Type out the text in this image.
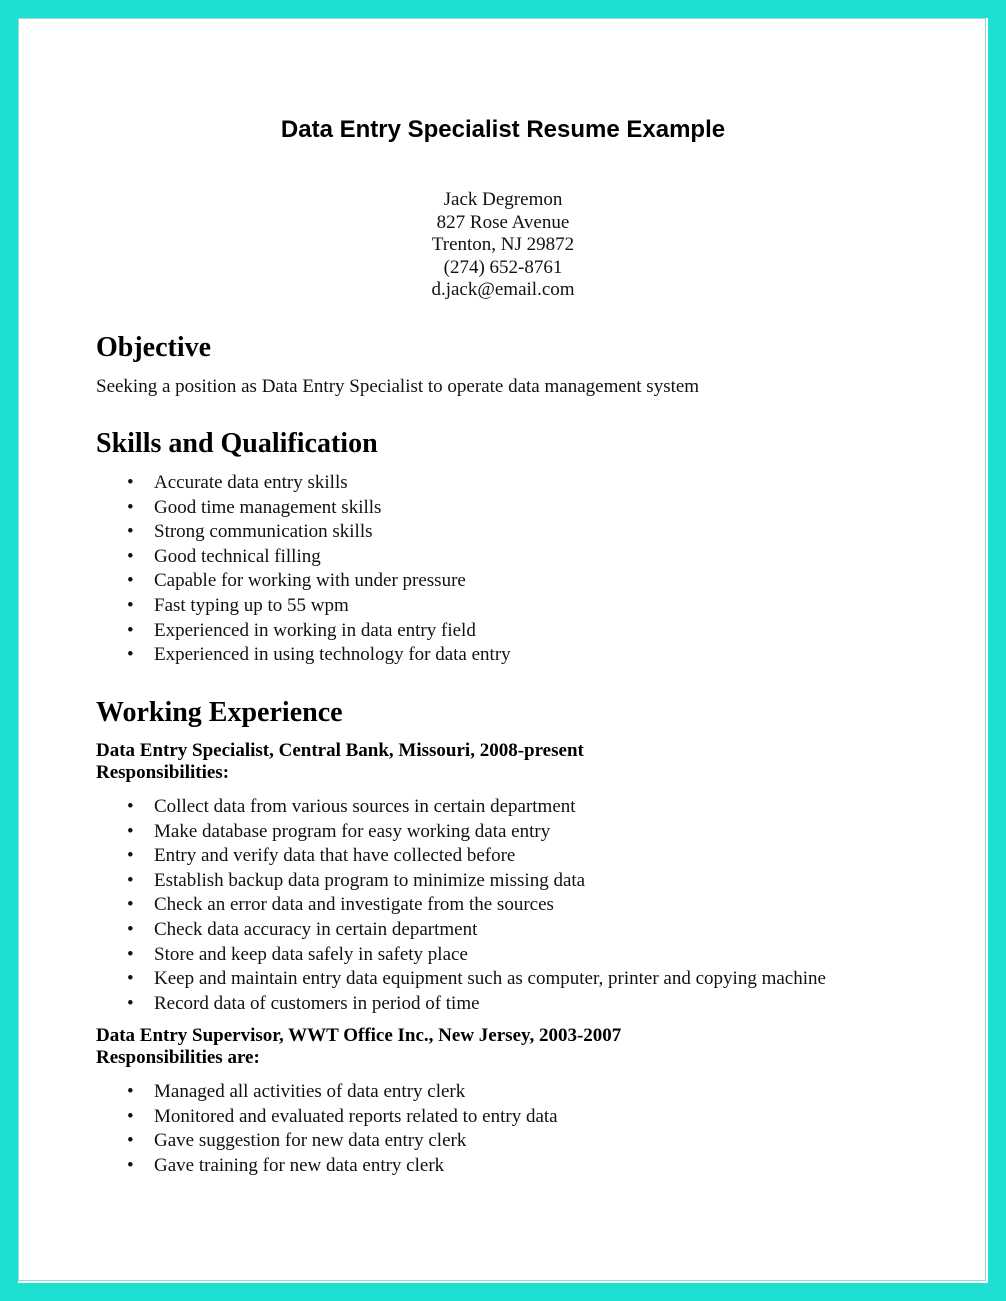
Data Entry Specialist Resume Example
Jack Degremon
827 Rose Avenue
Trenton, NJ 29872
(274) 652-8761
d.jack@email.com
Objective
Seeking a position as Data Entry Specialist to operate data management system
Skills and Qualification
• Accurate data entry skills
• Good time management skills
• Strong communication skills
• Good technical filling
• Capable for working with under pressure
• Fast typing up to 55 wpm
• Experienced in working in data entry field
• Experienced in using technology for data entry
Working Experience
Data Entry Specialist, Central Bank, Missouri, 2008-present
Responsibilities:
• Collect data from various sources in certain department
• Make database program for easy working data entry
• Entry and verify data that have collected before
• Establish backup data program to minimize missing data
• Check an error data and investigate from the sources
• Check data accuracy in certain department
• Store and keep data safely in safety place
• Keep and maintain entry data equipment such as computer, printer and copying machine
• Record data of customers in period of time
Data Entry Supervisor, WWT Office Inc., New Jersey, 2003-2007
Responsibilities are:
• Managed all activities of data entry clerk
• Monitored and evaluated reports related to entry data
• Gave suggestion for new data entry clerk
• Gave training for new data entry clerk
